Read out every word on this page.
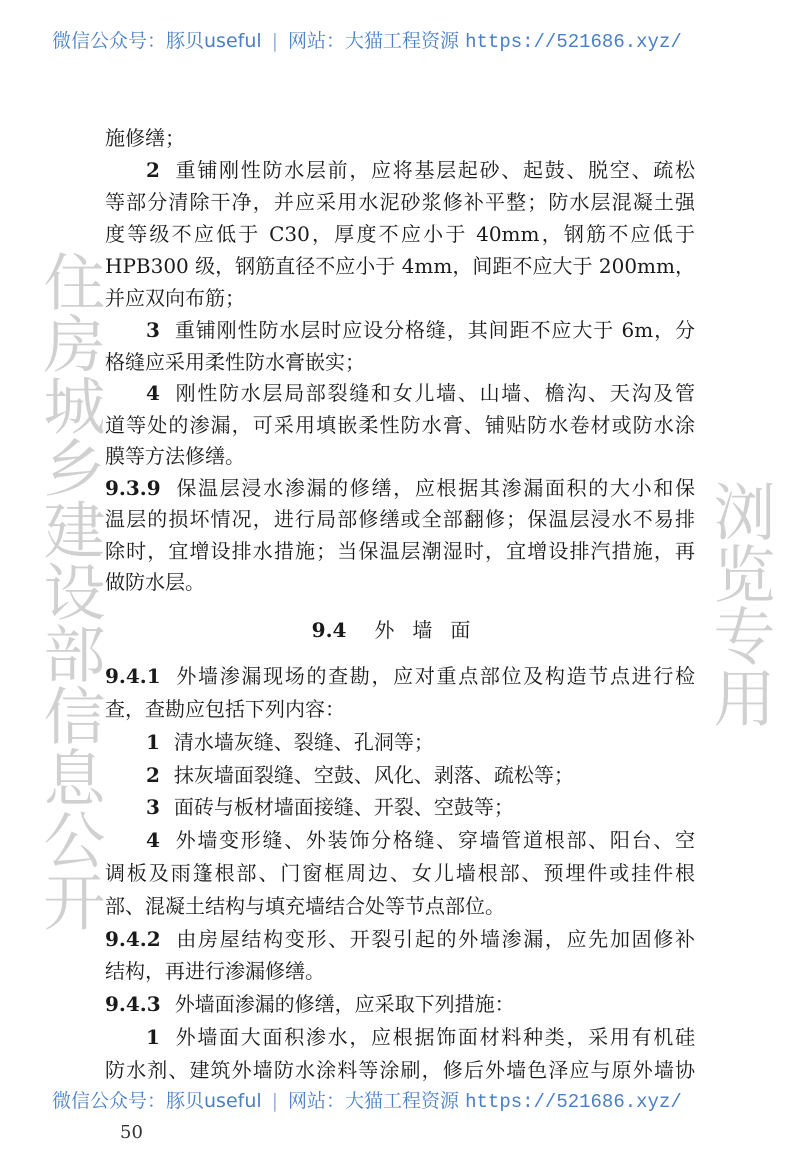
微信公众号：豚贝useful | 网站：大猫工程资源 https://521686.xyz/
施修缮；
2 重铺刚性防水层前，应将基层起砂、起鼓、脱空、疏松
等部分清除干净，并应采用水泥砂浆修补平整；防水层混凝土强
度等级不应低于 C30，厚度不应小于 40mm，钢筋不应低于
HPB300 级，钢筋直径不应小于 4mm，间距不应大于 200mm，
并应双向布筋；
3 重铺刚性防水层时应设分格缝，其间距不应大于 6m，分
格缝应采用柔性防水膏嵌实；
4 刚性防水层局部裂缝和女儿墙、山墙、檐沟、天沟及管
道等处的渗漏，可采用填嵌柔性防水膏、铺贴防水卷材或防水涂
膜等方法修缮。
9.3.9 保温层浸水渗漏的修缮，应根据其渗漏面积的大小和保
温层的损坏情况，进行局部修缮或全部翻修；保温层浸水不易排
除时，宜增设排水措施；当保温层潮湿时，宜增设排汽措施，再
做防水层。
9.4.1 外墙渗漏现场的查勘，应对重点部位及构造节点进行检
查，查勘应包括下列内容：
1 清水墙灰缝、裂缝、孔洞等；
2 抹灰墙面裂缝、空鼓、风化、剥落、疏松等；
3 面砖与板材墙面接缝、开裂、空鼓等；
4 外墙变形缝、外装饰分格缝、穿墙管道根部、阳台、空
调板及雨篷根部、门窗框周边、女儿墙根部、预埋件或挂件根
部、混凝土结构与填充墙结合处等节点部位。
9.4.2 由房屋结构变形、开裂引起的外墙渗漏，应先加固修补
结构，再进行渗漏修缮。
9.4.3 外墙面渗漏的修缮，应采取下列措施：
1 外墙面大面积渗水，应根据饰面材料种类，采用有机硅
防水剂、建筑外墙防水涂料等涂刷，修后外墙色泽应与原外墙协
9.4 外墙面
住房城乡建设部信息公开	浏览专用
微信公众号：豚贝useful | 网站：大猫工程资源 https://521686.xyz/
50
